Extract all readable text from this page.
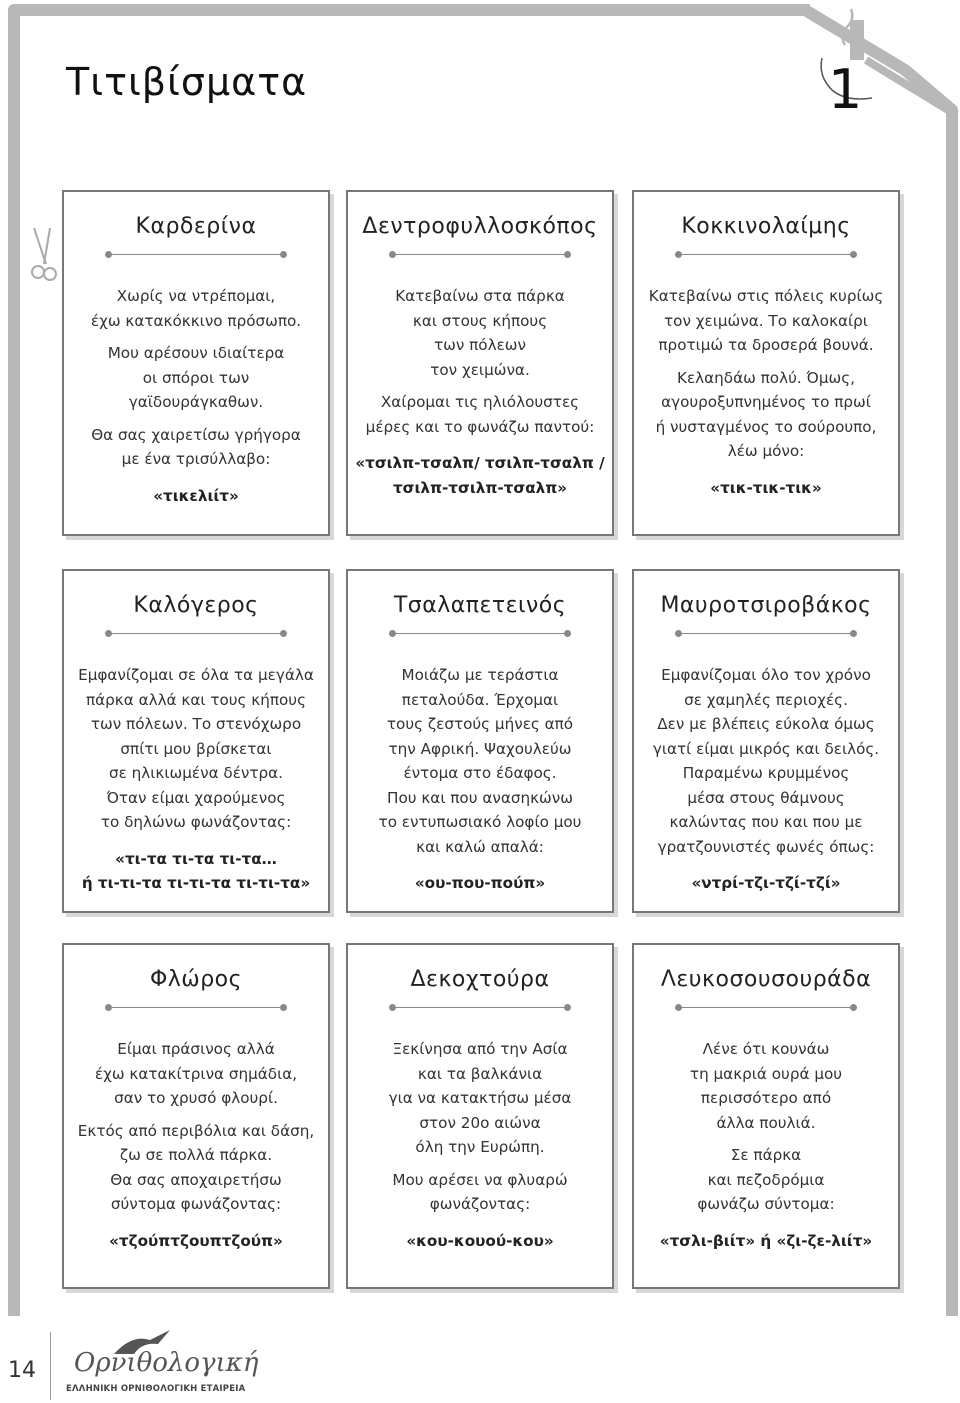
Τιτιβίσματα	1
Καρδερίνα

Χωρίς να ντρέπομαι,
έχω κατακόκκινο πρόσωπο.

Μου αρέσουν ιδιαίτερα
οι σπόροι των
γαϊδουράγκαθων.

Θα σας χαιρετίσω γρήγορα
με ένα τρισύλλαβο:

«τικελιίτ»

Δεντροφυλλοσκόπος

Κατεβαίνω στα πάρκα
και στους κήπους
των πόλεων
τον χειμώνα.

Χαίρομαι τις ηλιόλουστες
μέρες και το φωνάζω παντού:

«τσιλπ-τσαλπ/ τσιλπ-τσαλπ /
τσιλπ-τσιλπ-τσαλπ»

Κοκκινολαίμης

Κατεβαίνω στις πόλεις κυρίως
τον χειμώνα. Το καλοκαίρι
προτιμώ τα δροσερά βουνά.

Κελαηδάω πολύ. Όμως,
αγουροξυπνημένος το πρωί
ή νυσταγμένος το σούρουπο,
λέω μόνο:

«τικ-τικ-τικ»

Καλόγερος

Εμφανίζομαι σε όλα τα μεγάλα
πάρκα αλλά και τους κήπους
των πόλεων. Το στενόχωρο
σπίτι μου βρίσκεται
σε ηλικιωμένα δέντρα.
Όταν είμαι χαρούμενος
το δηλώνω φωνάζοντας:

«τι-τα τι-τα τι-τα…
ή τι-τι-τα τι-τι-τα τι-τι-τα»

Τσαλαπετεινός

Μοιάζω με τεράστια
πεταλούδα. Έρχομαι
τους ζεστούς μήνες από
την Αφρική. Ψαχουλεύω
έντομα στο έδαφος.
Που και που ανασηκώνω
το εντυπωσιακό λοφίο μου
και καλώ απαλά:

«ου-που-πούπ»

Μαυροτσιροβάκος

Εμφανίζομαι όλο τον χρόνο
σε χαμηλές περιοχές.
Δεν με βλέπεις εύκολα όμως
γιατί είμαι μικρός και δειλός.
Παραμένω κρυμμένος
μέσα στους θάμνους
καλώντας που και που με
γρατζουνιστές φωνές όπως:

«ντρί-τζι-τζί-τζί»

Φλώρος

Είμαι πράσινος αλλά
έχω κατακίτρινα σημάδια,
σαν το χρυσό φλουρί.

Εκτός από περιβόλια και δάση,
ζω σε πολλά πάρκα.
Θα σας αποχαιρετήσω
σύντομα φωνάζοντας:

«τζούπτζουπτζούπ»

Δεκοχτούρα

Ξεκίνησα από την Ασία
και τα βαλκάνια
για να κατακτήσω μέσα
στον 20ο αιώνα
όλη την Ευρώπη.

Μου αρέσει να φλυαρώ
φωνάζοντας:

«κου-κουού-κου»

Λευκοσουσουράδα

Λένε ότι κουνάω
τη μακριά ουρά μου
περισσότερο από
άλλα πουλιά.

Σε πάρκα
και πεζοδρόμια
φωνάζω σύντομα:

«τσλι-βιίτ» ή «ζι-ζε-λιίτ»

14 Ορνιθολογική
ΕΛΛΗΝΙΚΗ ΟΡΝΙΘΟΛΟΓΙΚΗ ΕΤΑΙΡΕΙΑ
